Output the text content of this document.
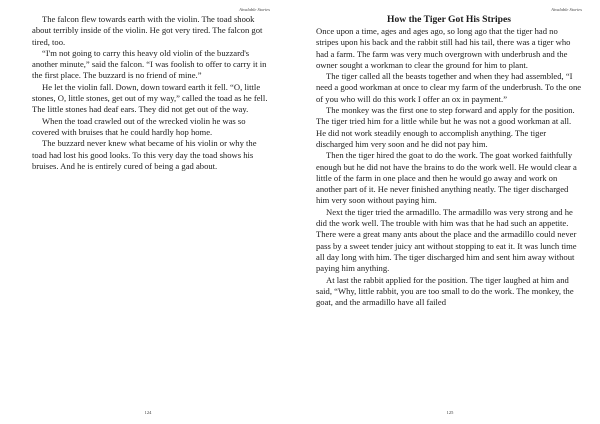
Aivalable Stories

The falcon flew towards earth with the violin. The toad shook about terribly inside of the violin. He got very tired. The falcon got tired, too.

“I'm not going to carry this heavy old violin of the buzzard's another minute,” said the falcon. “I was foolish to offer to carry it in the first place. The buzzard is no friend of mine.”

He let the violin fall. Down, down toward earth it fell. “O, little stones, O, little stones, get out of my way,” called the toad as he fell. The little stones had deaf ears. They did not get out of the way.

When the toad crawled out of the wrecked violin he was so covered with bruises that he could hardly hop home.

The buzzard never knew what became of his violin or why the toad had lost his good looks. To this very day the toad shows his bruises. And he is entirely cured of being a gad about.

124
Aivalable Stories
How the Tiger Got His Stripes

Once upon a time, ages and ages ago, so long ago that the tiger had no stripes upon his back and the rabbit still had his tail, there was a tiger who had a farm. The farm was very much overgrown with underbrush and the owner sought a workman to clear the ground for him to plant.

The tiger called all the beasts together and when they had assembled, “I need a good workman at once to clear my farm of the underbrush. To the one of you who will do this work I offer an ox in payment.”

The monkey was the first one to step forward and apply for the position. The tiger tried him for a little while but he was not a good workman at all. He did not work steadily enough to accomplish anything. The tiger discharged him very soon and he did not pay him.

Then the tiger hired the goat to do the work. The goat worked faithfully enough but he did not have the brains to do the work well. He would clear a little of the farm in one place and then he would go away and work on another part of it. He never finished anything neatly. The tiger discharged him very soon without paying him.

Next the tiger tried the armadillo. The armadillo was very strong and he did the work well. The trouble with him was that he had such an appetite. There were a great many ants about the place and the armadillo could never pass by a sweet tender juicy ant without stopping to eat it. It was lunch time all day long with him. The tiger discharged him and sent him away without paying him anything.

At last the rabbit applied for the position. The tiger laughed at him and said, “Why, little rabbit, you are too small to do the work. The monkey, the goat, and the armadillo have all failed

125
